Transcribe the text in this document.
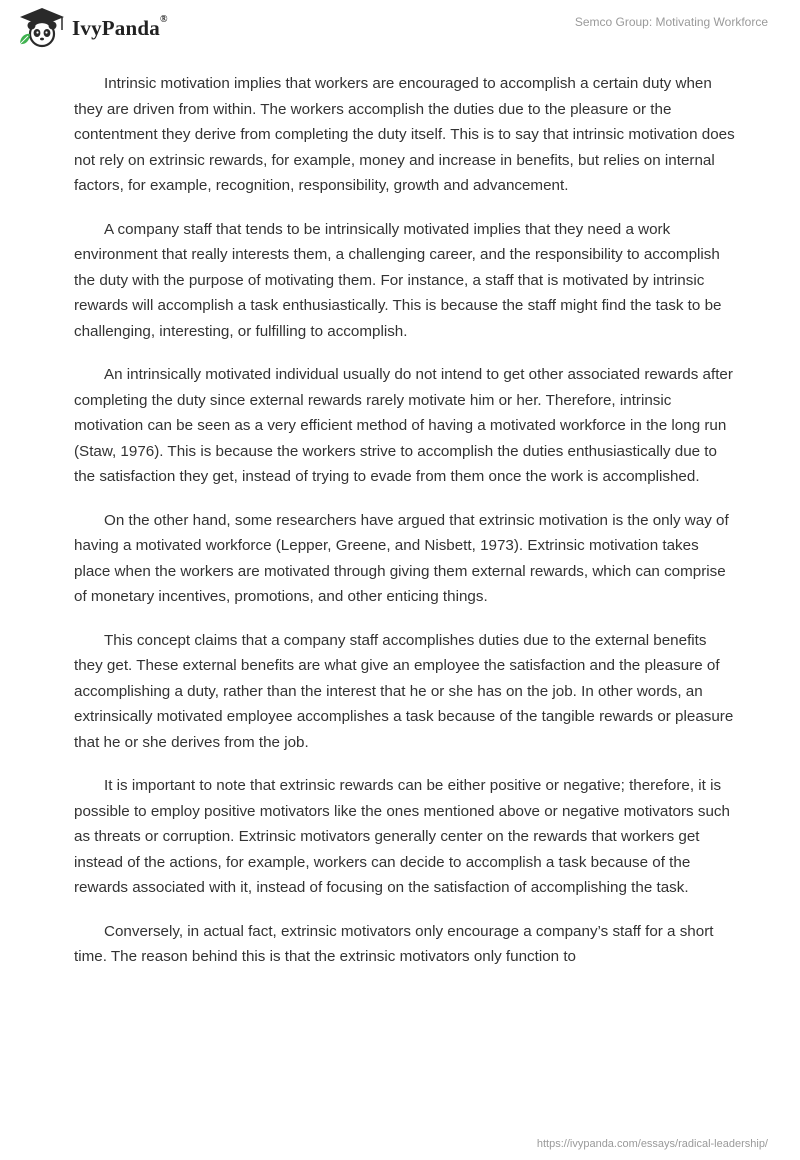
IvyPanda®	Semco Group: Motivating Workforce

Intrinsic motivation implies that workers are encouraged to accomplish a certain duty when they are driven from within. The workers accomplish the duties due to the pleasure or the contentment they derive from completing the duty itself. This is to say that intrinsic motivation does not rely on extrinsic rewards, for example, money and increase in benefits, but relies on internal factors, for example, recognition, responsibility, growth and advancement.

A company staff that tends to be intrinsically motivated implies that they need a work environment that really interests them, a challenging career, and the responsibility to accomplish the duty with the purpose of motivating them. For instance, a staff that is motivated by intrinsic rewards will accomplish a task enthusiastically. This is because the staff might find the task to be challenging, interesting, or fulfilling to accomplish.

An intrinsically motivated individual usually do not intend to get other associated rewards after completing the duty since external rewards rarely motivate him or her. Therefore, intrinsic motivation can be seen as a very efficient method of having a motivated workforce in the long run (Staw, 1976). This is because the workers strive to accomplish the duties enthusiastically due to the satisfaction they get, instead of trying to evade from them once the work is accomplished.

On the other hand, some researchers have argued that extrinsic motivation is the only way of having a motivated workforce (Lepper, Greene, and Nisbett, 1973). Extrinsic motivation takes place when the workers are motivated through giving them external rewards, which can comprise of monetary incentives, promotions, and other enticing things.

This concept claims that a company staff accomplishes duties due to the external benefits they get. These external benefits are what give an employee the satisfaction and the pleasure of accomplishing a duty, rather than the interest that he or she has on the job. In other words, an extrinsically motivated employee accomplishes a task because of the tangible rewards or pleasure that he or she derives from the job.

It is important to note that extrinsic rewards can be either positive or negative; therefore, it is possible to employ positive motivators like the ones mentioned above or negative motivators such as threats or corruption. Extrinsic motivators generally center on the rewards that workers get instead of the actions, for example, workers can decide to accomplish a task because of the rewards associated with it, instead of focusing on the satisfaction of accomplishing the task.

Conversely, in actual fact, extrinsic motivators only encourage a company’s staff for a short time. The reason behind this is that the extrinsic motivators only function to

https://ivypanda.com/essays/radical-leadership/
